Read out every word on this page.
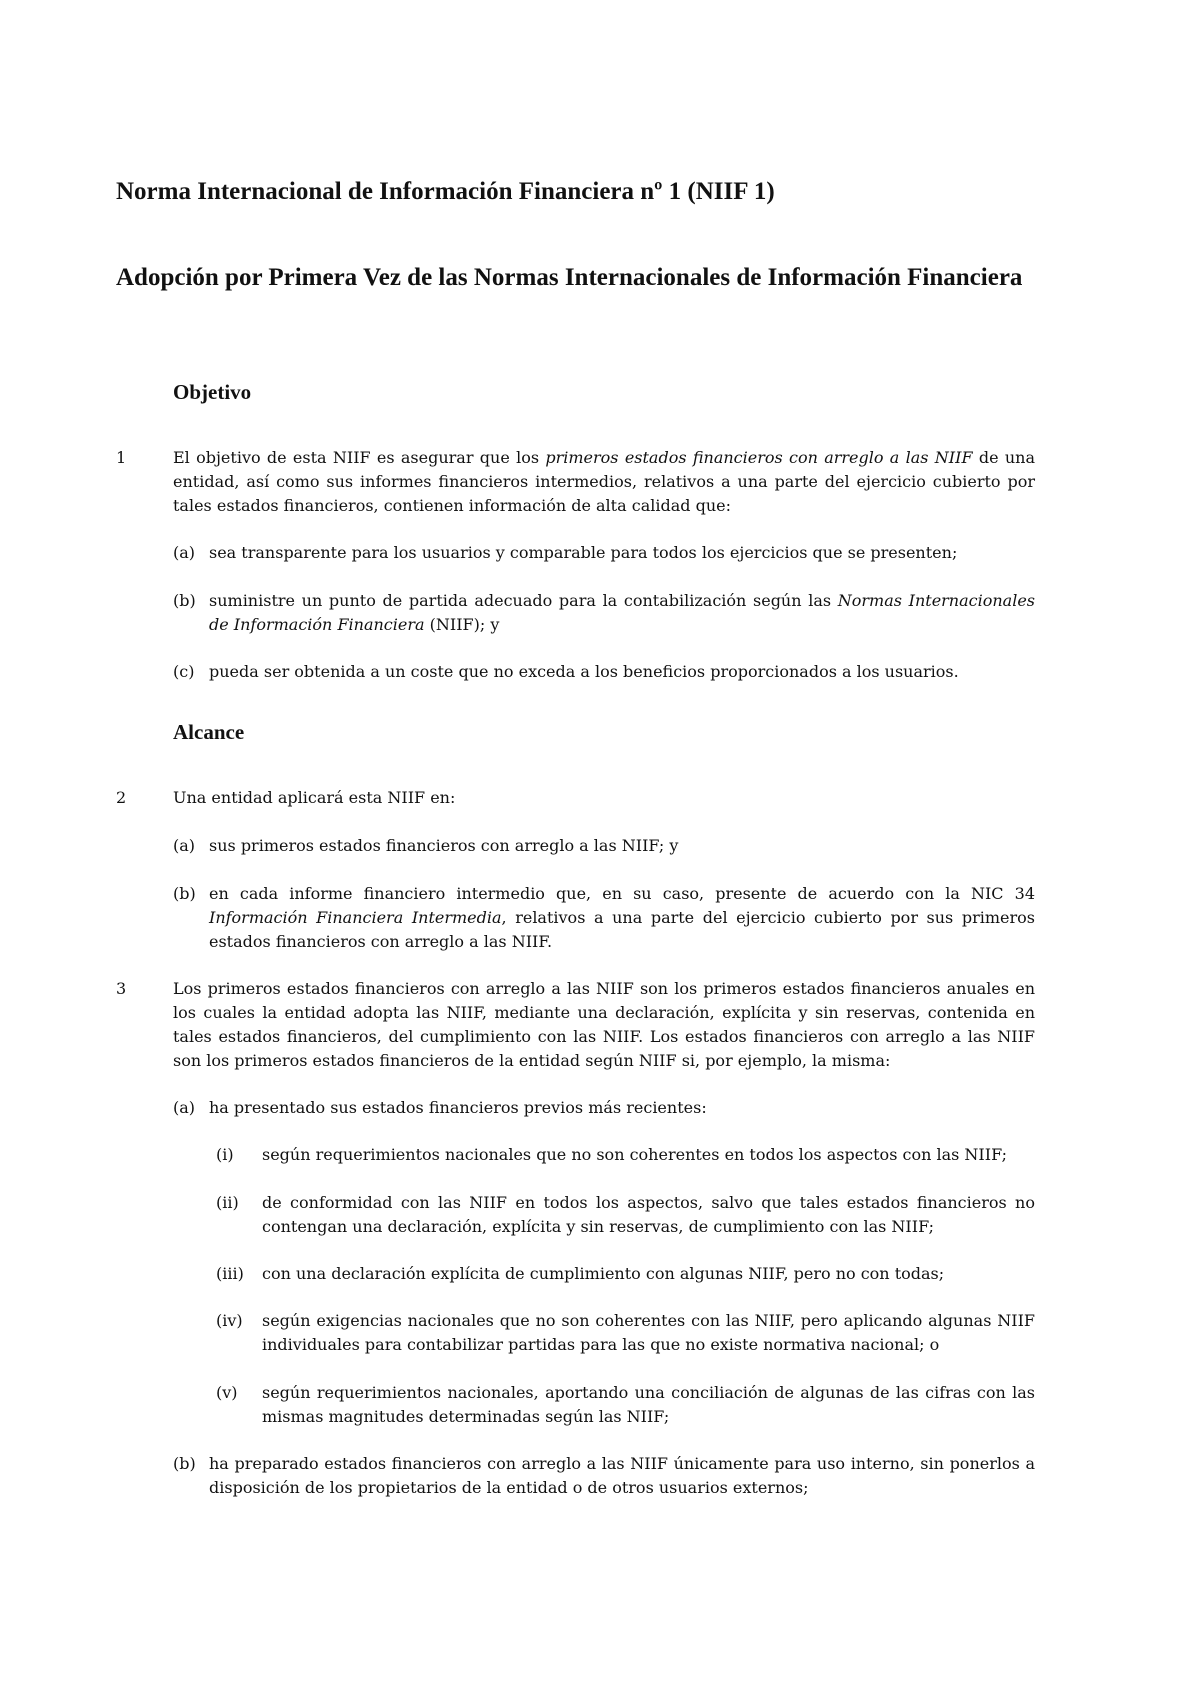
Norma Internacional de Información Financiera nº 1 (NIIF 1)
Adopción por Primera Vez de las Normas Internacionales de Información Financiera
Objetivo
1	El objetivo de esta NIIF es asegurar que los primeros estados financieros con arreglo a las NIIF de una entidad, así como sus informes financieros intermedios, relativos a una parte del ejercicio cubierto por tales estados financieros, contienen información de alta calidad que:

(a) sea transparente para los usuarios y comparable para todos los ejercicios que se presenten;

(b) suministre un punto de partida adecuado para la contabilización según las Normas Internacionales de Información Financiera (NIIF); y

(c) pueda ser obtenida a un coste que no exceda a los beneficios proporcionados a los usuarios.

Alcance
2	Una entidad aplicará esta NIIF en:

(a) sus primeros estados financieros con arreglo a las NIIF; y

(b) en cada informe financiero intermedio que, en su caso, presente de acuerdo con la NIC 34 Información Financiera Intermedia, relativos a una parte del ejercicio cubierto por sus primeros estados financieros con arreglo a las NIIF.

3	Los primeros estados financieros con arreglo a las NIIF son los primeros estados financieros anuales en los cuales la entidad adopta las NIIF, mediante una declaración, explícita y sin reservas, contenida en tales estados financieros, del cumplimiento con las NIIF. Los estados financieros con arreglo a las NIIF son los primeros estados financieros de la entidad según NIIF si, por ejemplo, la misma:

(a) ha presentado sus estados financieros previos más recientes:

(i) según requerimientos nacionales que no son coherentes en todos los aspectos con las NIIF;

(ii) de conformidad con las NIIF en todos los aspectos, salvo que tales estados financieros no contengan una declaración, explícita y sin reservas, de cumplimiento con las NIIF;

(iii) con una declaración explícita de cumplimiento con algunas NIIF, pero no con todas;

(iv) según exigencias nacionales que no son coherentes con las NIIF, pero aplicando algunas NIIF individuales para contabilizar partidas para las que no existe normativa nacional; o

(v) según requerimientos nacionales, aportando una conciliación de algunas de las cifras con las mismas magnitudes determinadas según las NIIF;

(b) ha preparado estados financieros con arreglo a las NIIF únicamente para uso interno, sin ponerlos a disposición de los propietarios de la entidad o de otros usuarios externos;
